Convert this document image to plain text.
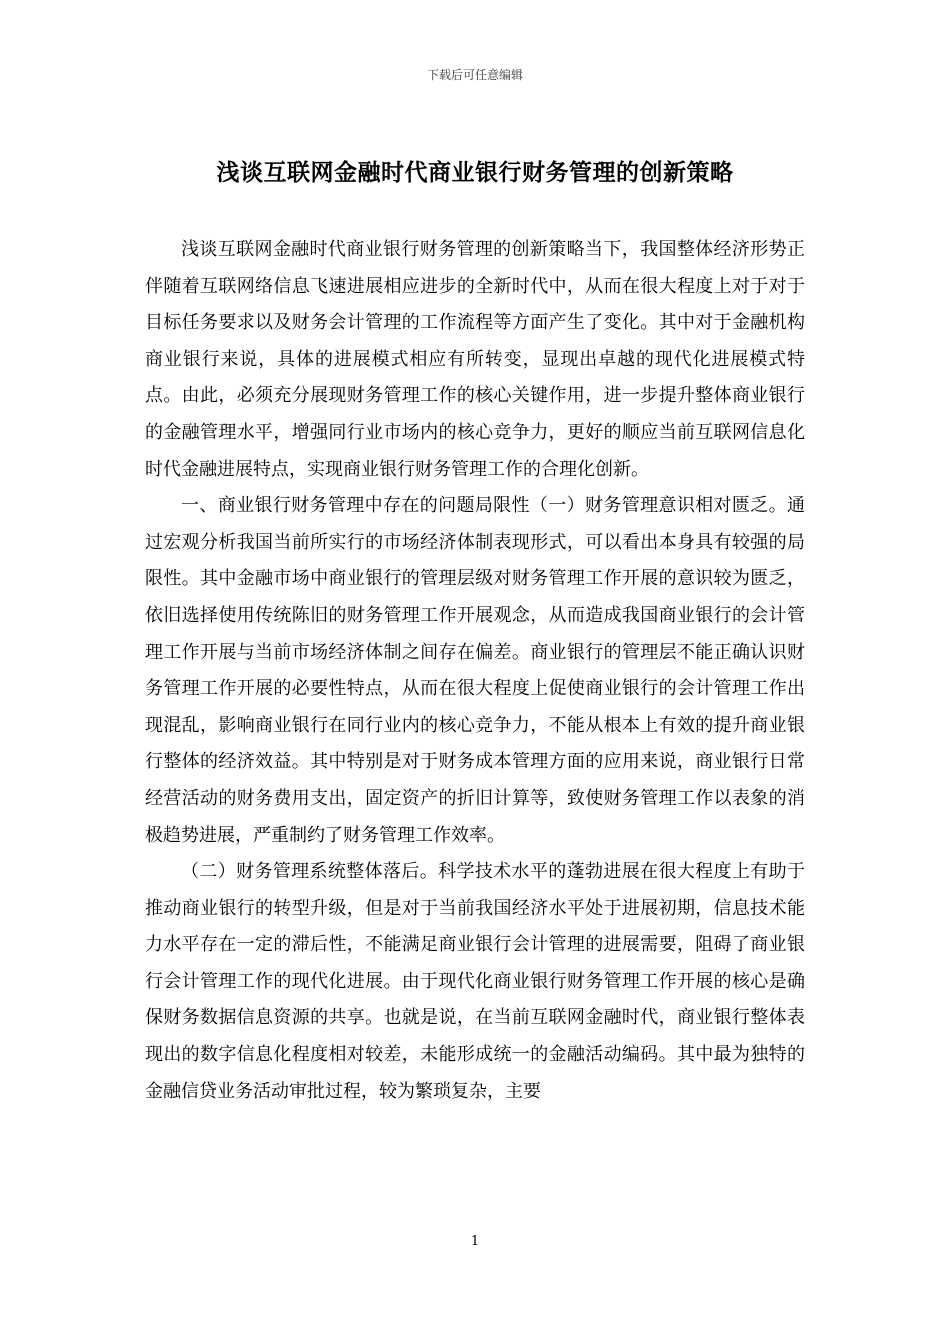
下载后可任意编辑
浅谈互联网金融时代商业银行财务管理的创新策略

浅谈互联网金融时代商业银行财务管理的创新策略当下，我国整体经济形势正伴随着互联网络信息飞速进展相应进步的全新时代中，从而在很大程度上对于对于目标任务要求以及财务会计管理的工作流程等方面产生了变化。其中对于金融机构商业银行来说，具体的进展模式相应有所转变，显现出卓越的现代化进展模式特点。由此，必须充分展现财务管理工作的核心关键作用，进一步提升整体商业银行的金融管理水平，增强同行业市场内的核心竞争力，更好的顺应当前互联网信息化时代金融进展特点，实现商业银行财务管理工作的合理化创新。

一、商业银行财务管理中存在的问题局限性（一）财务管理意识相对匮乏。通过宏观分析我国当前所实行的市场经济体制表现形式，可以看出本身具有较强的局限性。其中金融市场中商业银行的管理层级对财务管理工作开展的意识较为匮乏，依旧选择使用传统陈旧的财务管理工作开展观念，从而造成我国商业银行的会计管理工作开展与当前市场经济体制之间存在偏差。商业银行的管理层不能正确认识财务管理工作开展的必要性特点，从而在很大程度上促使商业银行的会计管理工作出现混乱，影响商业银行在同行业内的核心竞争力，不能从根本上有效的提升商业银行整体的经济效益。其中特别是对于财务成本管理方面的应用来说，商业银行日常经营活动的财务费用支出，固定资产的折旧计算等，致使财务管理工作以表象的消极趋势进展，严重制约了财务管理工作效率。

（二）财务管理系统整体落后。科学技术水平的蓬勃进展在很大程度上有助于推动商业银行的转型升级，但是对于当前我国经济水平处于进展初期，信息技术能力水平存在一定的滞后性，不能满足商业银行会计管理的进展需要，阻碍了商业银行会计管理工作的现代化进展。由于现代化商业银行财务管理工作开展的核心是确保财务数据信息资源的共享。也就是说，在当前互联网金融时代，商业银行整体表现出的数字信息化程度相对较差，未能形成统一的金融活动编码。其中最为独特的金融信贷业务活动审批过程，较为繁琐复杂，主要

1
